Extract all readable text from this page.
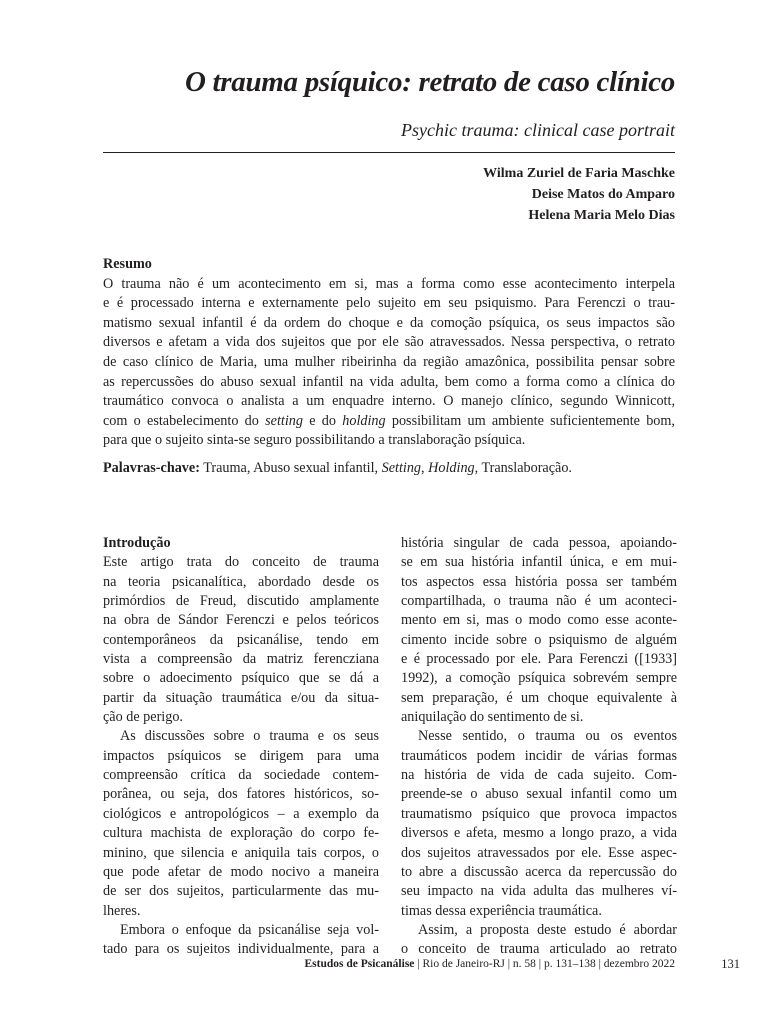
O trauma psíquico: retrato de caso clínico

Psychic trauma: clinical case portrait

Wilma Zuriel de Faria Maschke
Deise Matos do Amparo
Helena Maria Melo Dias
Resumo
O trauma não é um acontecimento em si, mas a forma como esse acontecimento interpela
e é processado interna e externamente pelo sujeito em seu psiquismo. Para Ferenczi o trau-
matismo sexual infantil é da ordem do choque e da comoção psíquica, os seus impactos são
diversos e afetam a vida dos sujeitos que por ele são atravessados. Nessa perspectiva, o retrato
de caso clínico de Maria, uma mulher ribeirinha da região amazônica, possibilita pensar sobre
as repercussões do abuso sexual infantil na vida adulta, bem como a forma como a clínica do
traumático convoca o analista a um enquadre interno. O manejo clínico, segundo Winnicott,
com o estabelecimento do setting e do holding possibilitam um ambiente suficientemente bom,
para que o sujeito sinta-se seguro possibilitando a translaboração psíquica.
Palavras-chave: Trauma, Abuso sexual infantil, Setting, Holding, Translaboração.
Introdução
Este artigo trata do conceito de trauma
na teoria psicanalítica, abordado desde os
primórdios de Freud, discutido amplamente
na obra de Sándor Ferenczi e pelos teóricos
contemporâneos da psicanálise, tendo em
vista a compreensão da matriz ferencziana
sobre o adoecimento psíquico que se dá a
partir da situação traumática e/ou da situa-
ção de perigo.
As discussões sobre o trauma e os seus
impactos psíquicos se dirigem para uma
compreensão crítica da sociedade contem-
porânea, ou seja, dos fatores históricos, so-
ciológicos e antropológicos – a exemplo da
cultura machista de exploração do corpo fe-
minino, que silencia e aniquila tais corpos, o
que pode afetar de modo nocivo a maneira
de ser dos sujeitos, particularmente das mu-
lheres.
Embora o enfoque da psicanálise seja vol-
tado para os sujeitos individualmente, para a
história singular de cada pessoa, apoiando-
se em sua história infantil única, e em mui-
tos aspectos essa história possa ser também
compartilhada, o trauma não é um aconteci-
mento em si, mas o modo como esse aconte-
cimento incide sobre o psiquismo de alguém
e é processado por ele. Para Ferenczi ([1933]
1992), a comoção psíquica sobrevém sempre
sem preparação, é um choque equivalente à
aniquilação do sentimento de si.
Nesse sentido, o trauma ou os eventos
traumáticos podem incidir de várias formas
na história de vida de cada sujeito. Com-
preende-se o abuso sexual infantil como um
traumatismo psíquico que provoca impactos
diversos e afeta, mesmo a longo prazo, a vida
dos sujeitos atravessados por ele. Esse aspec-
to abre a discussão acerca da repercussão do
seu impacto na vida adulta das mulheres ví-
timas dessa experiência traumática.
Assim, a proposta deste estudo é abordar
o conceito de trauma articulado ao retrato
Estudos de Psicanálise | Rio de Janeiro-RJ | n. 58 | p. 131–138 | dezembro 2022	131
